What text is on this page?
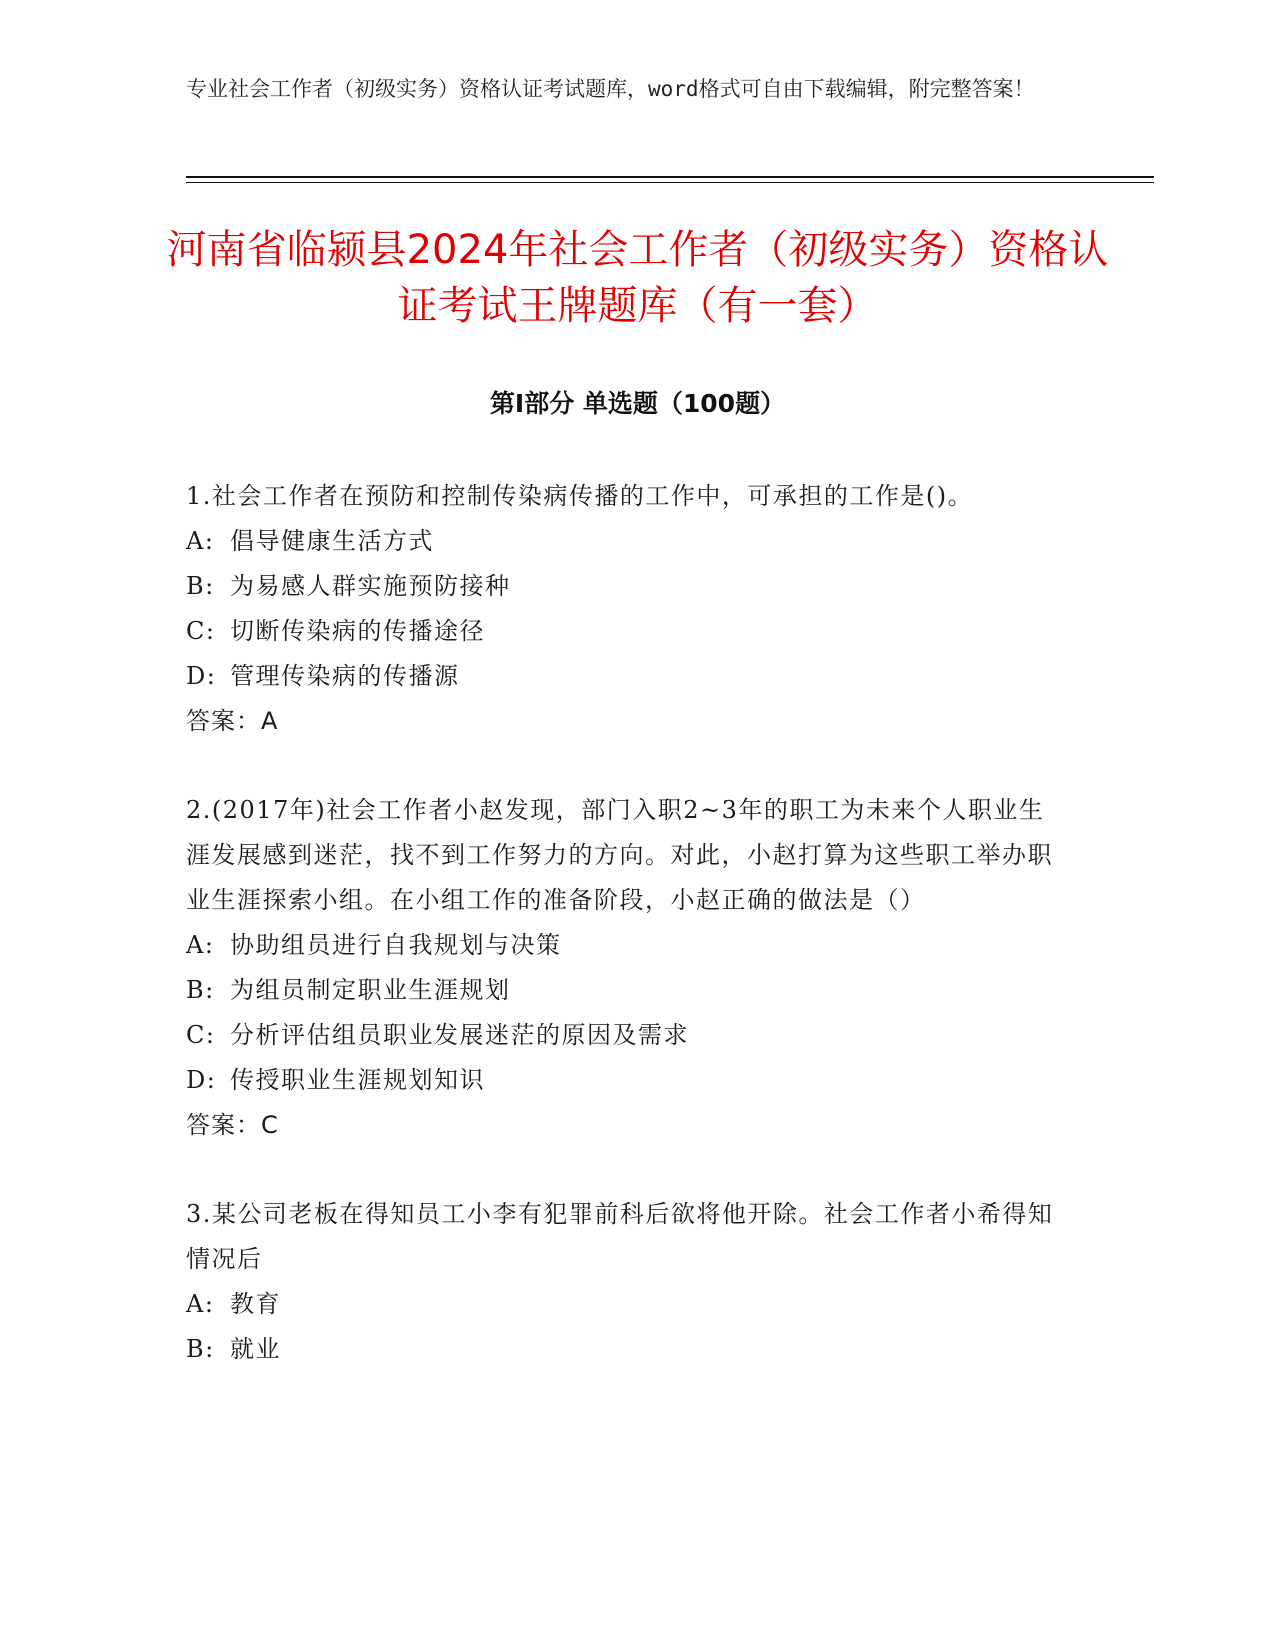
专业社会工作者（初级实务）资格认证考试题库，word格式可自由下载编辑，附完整答案！
河南省临颍县2024年社会工作者（初级实务）资格认证考试王牌题库（有一套）
第I部分 单选题（100题）

1.社会工作者在预防和控制传染病传播的工作中，可承担的工作是()。

A: 倡导健康生活方式

B: 为易感人群实施预防接种

C: 切断传染病的传播途径

D: 管理传染病的传播源

答案：A

2.(2017年)社会工作者小赵发现，部门入职2~3年的职工为未来个人职业生涯发展感到迷茫，找不到工作努力的方向。对此，小赵打算为这些职工举办职业生涯探索小组。在小组工作的准备阶段，小赵正确的做法是（）

A: 协助组员进行自我规划与决策

B: 为组员制定职业生涯规划

C: 分析评估组员职业发展迷茫的原因及需求

D: 传授职业生涯规划知识

答案：C

3.某公司老板在得知员工小李有犯罪前科后欲将他开除。社会工作者小希得知情况后

A: 教育

B: 就业
